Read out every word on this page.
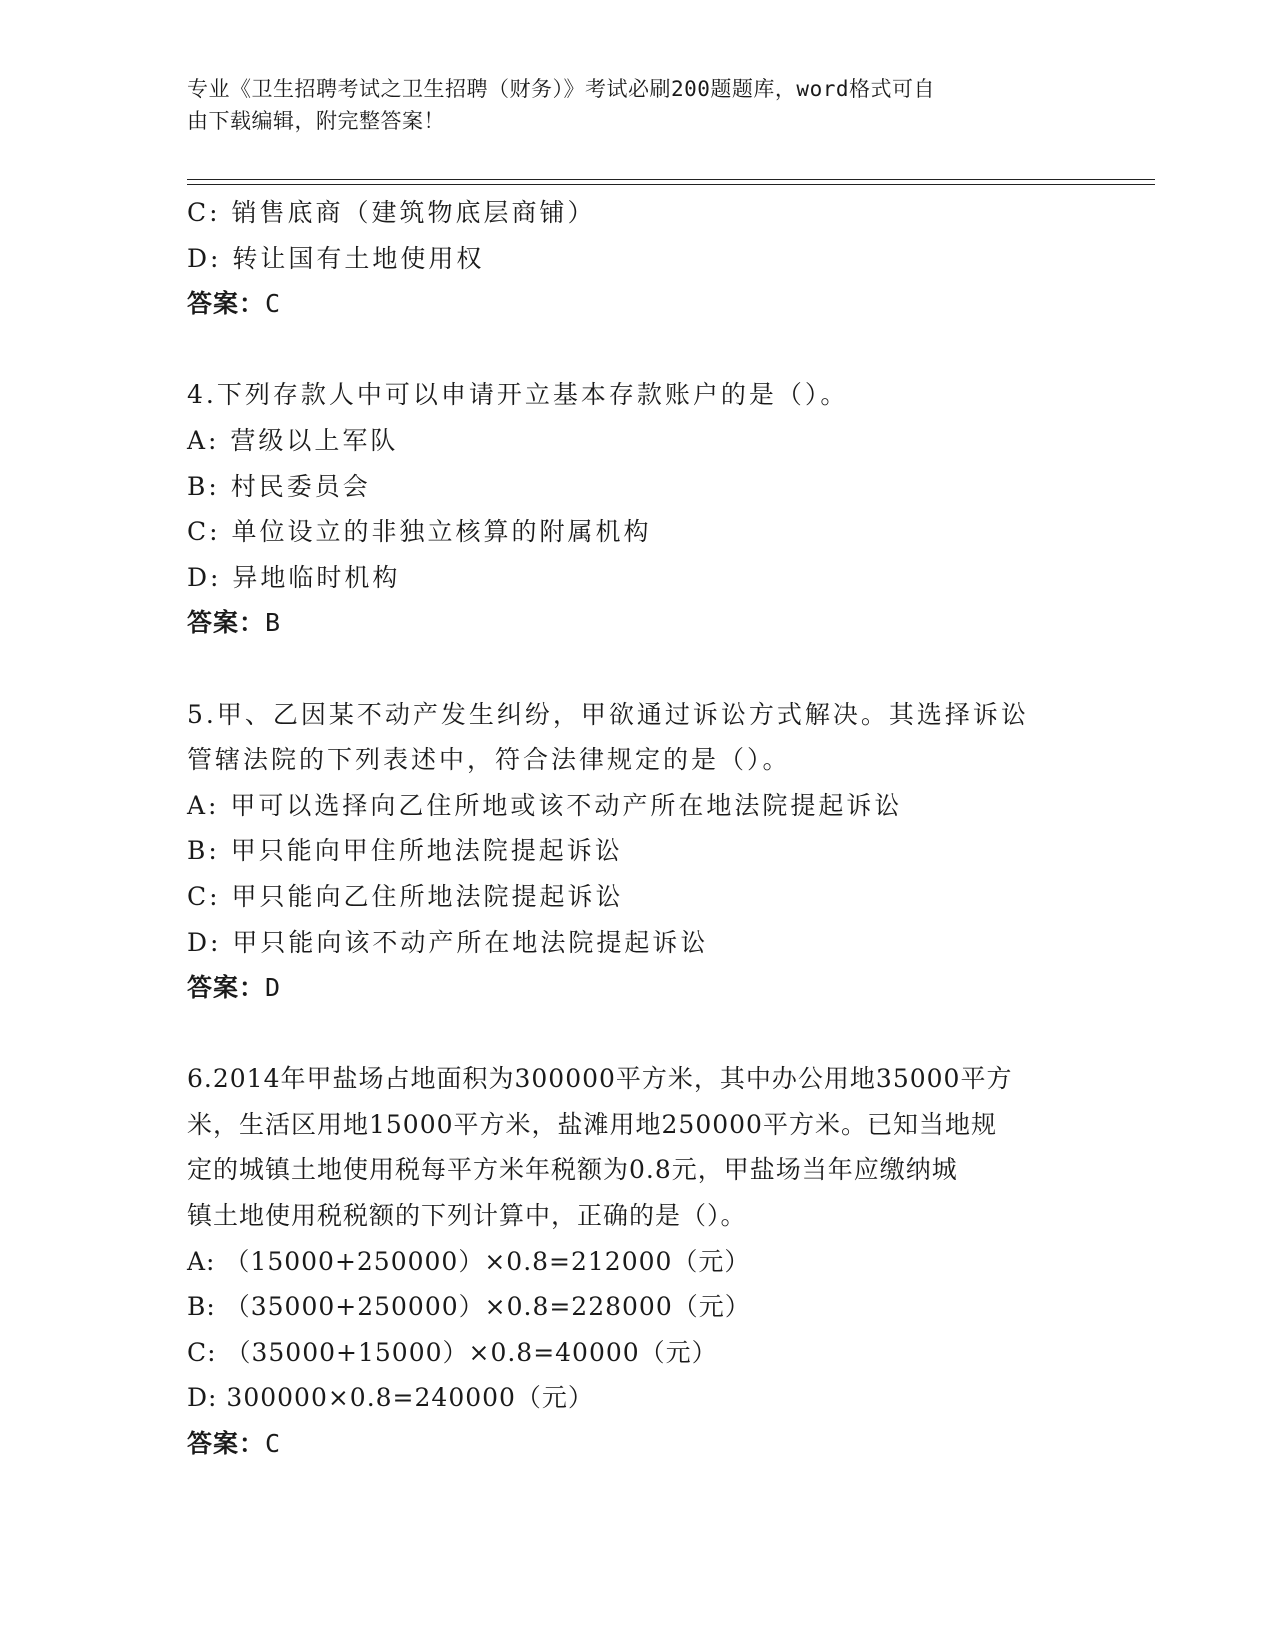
专业《卫生招聘考试之卫生招聘（财务）》考试必刷200题题库，word格式可自
由下载编辑，附完整答案！
C: 销售底商（建筑物底层商铺）
D: 转让国有土地使用权
答案：C
4.下列存款人中可以申请开立基本存款账户的是（）。
A: 营级以上军队
B: 村民委员会
C: 单位设立的非独立核算的附属机构
D: 异地临时机构
答案：B
5.甲、乙因某不动产发生纠纷，甲欲通过诉讼方式解决。其选择诉讼
管辖法院的下列表述中，符合法律规定的是（）。
A: 甲可以选择向乙住所地或该不动产所在地法院提起诉讼
B: 甲只能向甲住所地法院提起诉讼
C: 甲只能向乙住所地法院提起诉讼
D: 甲只能向该不动产所在地法院提起诉讼
答案：D
6.2014年甲盐场占地面积为300000平方米，其中办公用地35000平方
米，生活区用地15000平方米，盐滩用地250000平方米。已知当地规
定的城镇土地使用税每平方米年税额为0.8元，甲盐场当年应缴纳城
镇土地使用税税额的下列计算中，正确的是（）。
A: （15000+250000）×0.8=212000（元）
B: （35000+250000）×0.8=228000（元）
C: （35000+15000）×0.8=40000（元）
D: 300000×0.8=240000（元）
答案：C
